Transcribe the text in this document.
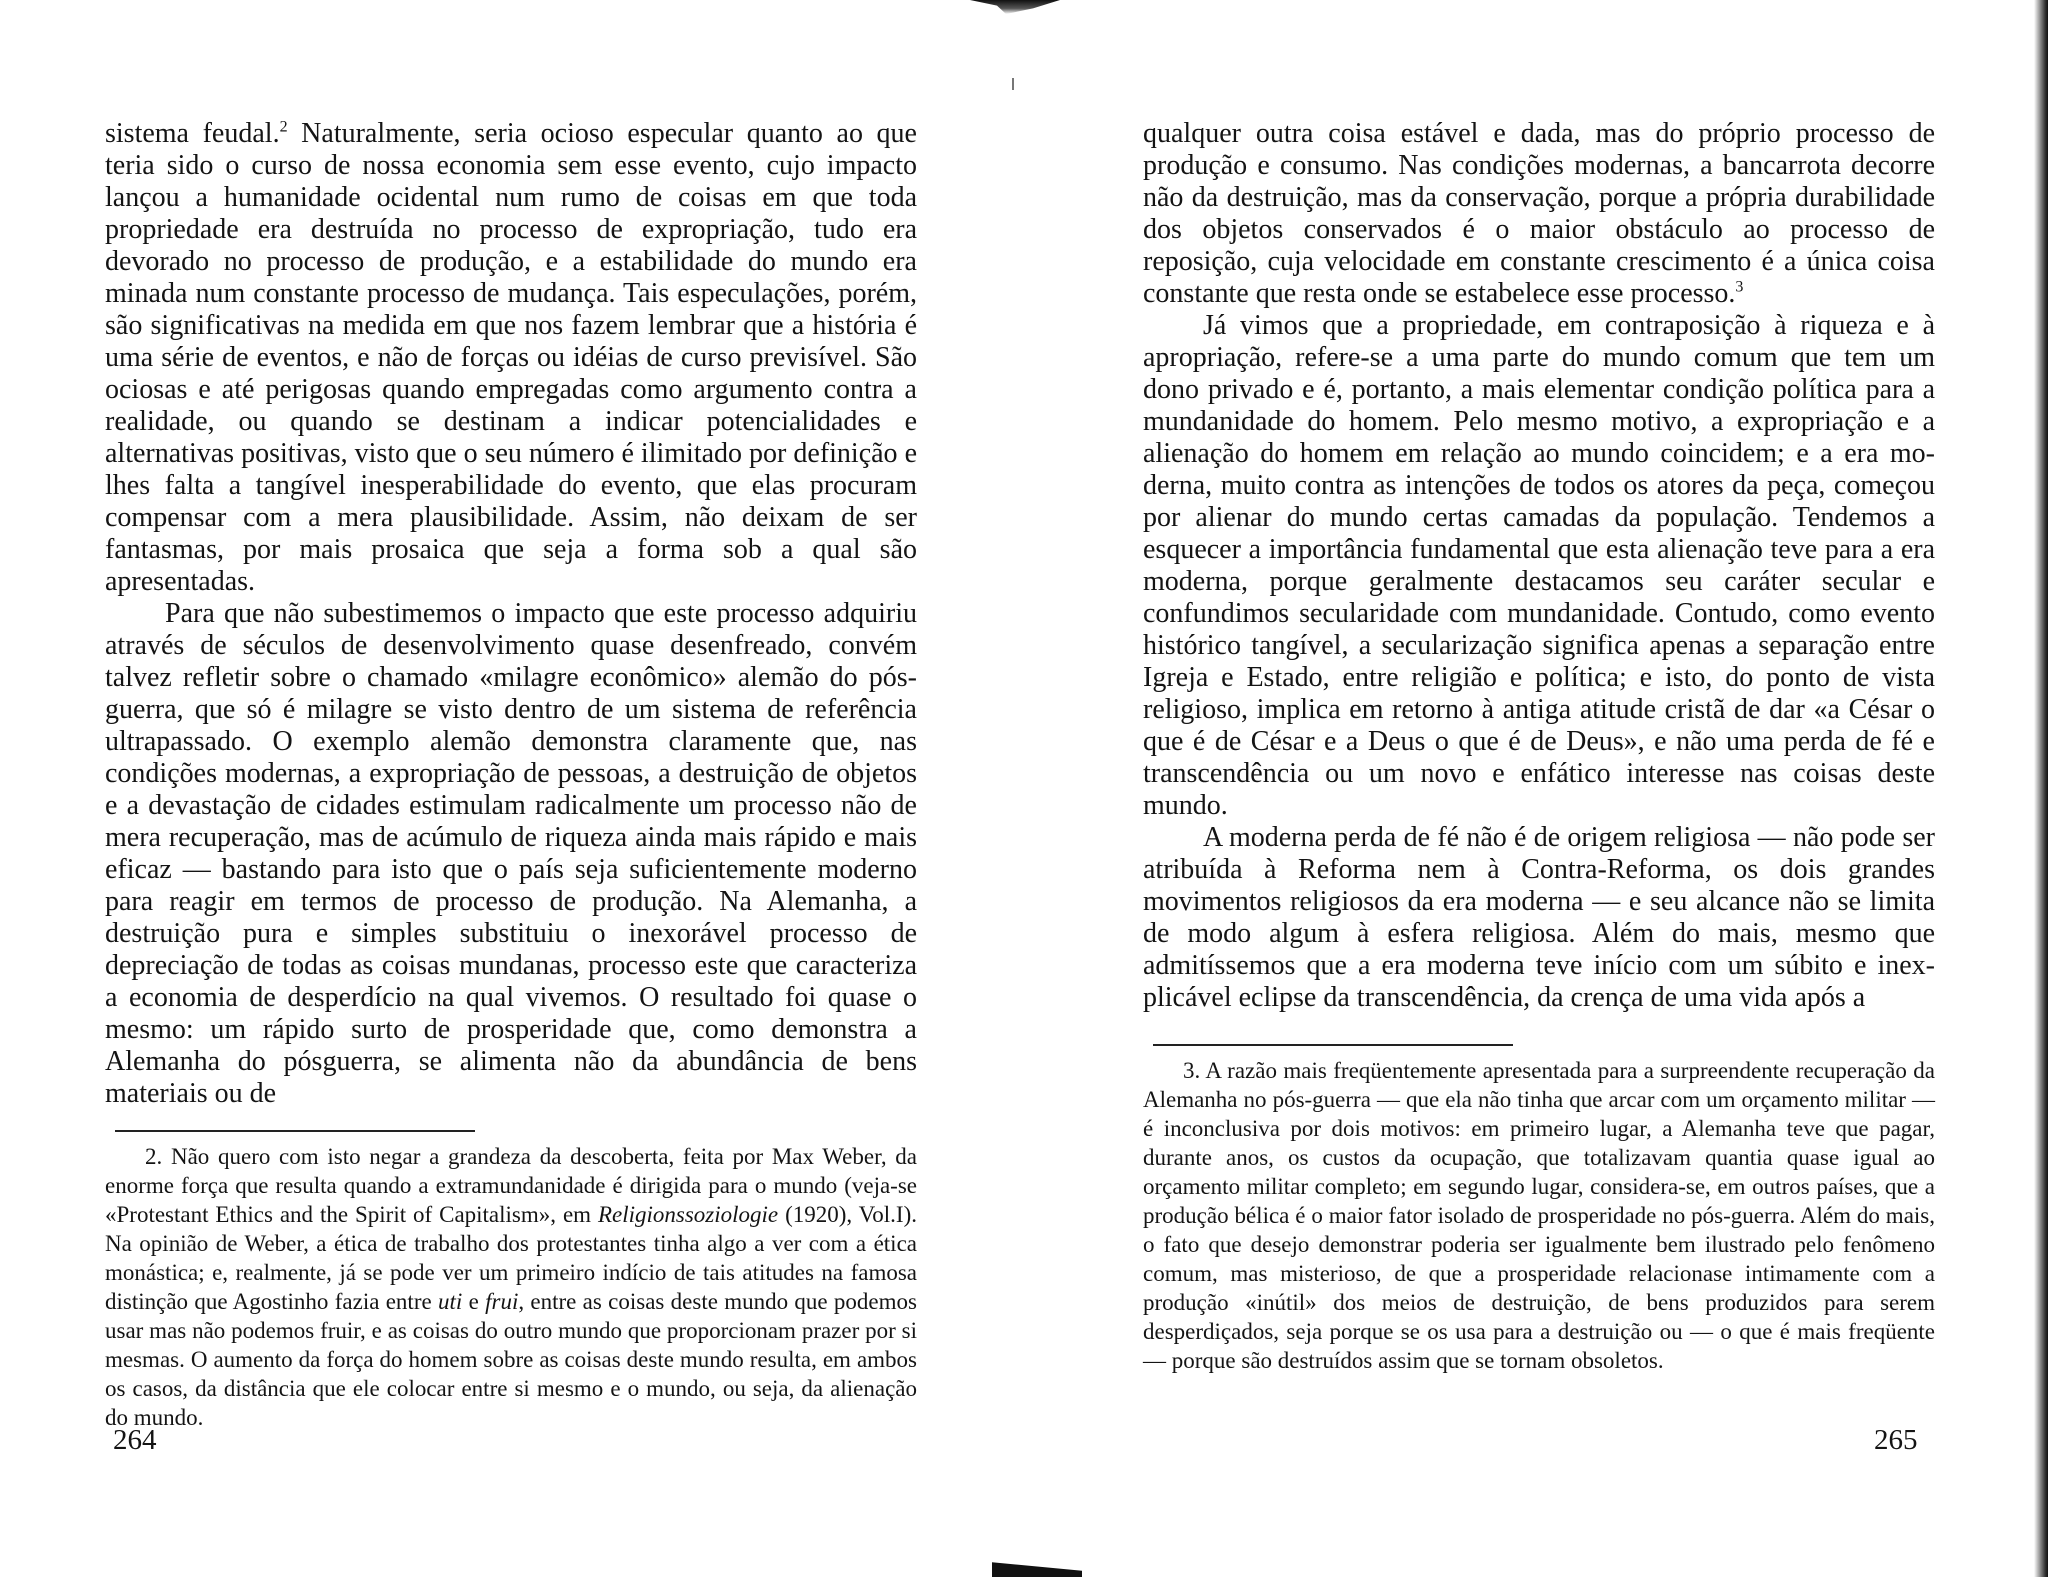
sistema feudal.$^2$ Naturalmente, seria ocioso especular quanto ao que teria sido o curso de nossa economia sem esse evento, cujo impacto lançou a humanidade ocidental num rumo de coisas em que toda propriedade era destruída no processo de expropriação, tudo era devorado no processo de produção, e a estabilidade do mundo era minada num constante processo de mudança. Tais especulações, porém, são significativas na medida em que nos fazem lembrar que a história é uma série de eventos, e não de forças ou idéias de curso previsível. São ociosas e até perigosas quando empregadas como argumento contra a realidade, ou quando se destinam a indicar potencialidades e alternativas positivas, visto que o seu número é ilimitado por definição e lhes falta a tangível inesperabilidade do evento, que elas procuram compensar com a mera plausibilidade. Assim, não deixam de ser fantasmas, por mais prosaica que seja a forma sob a qual são apresentadas.

Para que não subestimemos o impacto que este processo adquiriu através de séculos de desenvolvimento quase desenfreado, convém talvez refletir sobre o chamado «milagre econômico» alemão do pós-guerra, que só é milagre se visto dentro de um sistema de referência ultrapassado. O exemplo alemão demonstra claramente que, nas condições modernas, a expropriação de pessoas, a destruição de objetos e a devastação de cidades estimulam radicalmente um processo não de mera recuperação, mas de acúmulo de riqueza ainda mais rápido e mais eficaz — bastando para isto que o país seja suficientemente moderno para reagir em termos de processo de produção. Na Alemanha, a destruição pura e simples substituiu o inexorável processo de depreciação de todas as coisas mundanas, processo este que caracteriza a economia de desperdício na qual vivemos. O resultado foi quase o mesmo: um rápido surto de prosperidade que, como demonstra a Alemanha do pósguerra, se alimenta não da abundância de bens materiais ou de

2. Não quero com isto negar a grandeza da descoberta, feita por Max Weber, da enorme força que resulta quando a extramundanidade é dirigida para o mundo (veja-se «Protestant Ethics and the Spirit of Capitalism», em Religionssoziologie (1920), Vol.I). Na opinião de Weber, a ética de trabalho dos protestantes tinha algo a ver com a ética monástica; e, realmente, já se pode ver um primeiro indício de tais atitudes na famosa distinção que Agostinho fazia entre uti e frui, entre as coisas deste mundo que podemos usar mas não podemos fruir, e as coisas do outro mundo que proporcionam prazer por si mesmas. O aumento da força do homem sobre as coisas deste mundo resulta, em ambos os casos, da distância que ele colocar entre si mesmo e o mundo, ou seja, da alienação do mundo.

264

qualquer outra coisa estável e dada, mas do próprio processo de produção e consumo. Nas condições modernas, a bancarrota decorre não da destruição, mas da conservação, porque a própria durabilidade dos objetos conservados é o maior obstáculo ao processo de reposição, cuja velocidade em constante crescimento é a única coisa constante que resta onde se estabelece esse processo.$^3$

Já vimos que a propriedade, em contraposição à riqueza e à apropriação, refere-se a uma parte do mundo comum que tem um dono privado e é, portanto, a mais elementar condição política para a mundanidade do homem. Pelo mesmo motivo, a expropriação e a alienação do homem em relação ao mundo coincidem; e a era moderna, muito contra as intenções de todos os atores da peça, começou por alienar do mundo certas camadas da população. Tendemos a esquecer a importância fundamental que esta alienação teve para a era moderna, porque geralmente destacamos seu caráter secular e confundimos secularidade com mundanidade. Contudo, como evento histórico tangível, a secularização significa apenas a separação entre Igreja e Estado, entre religião e política; e isto, do ponto de vista religioso, implica em retorno à antiga atitude cristã de dar «a César o que é de César e a Deus o que é de Deus», e não uma perda de fé e transcendência ou um novo e enfático interesse nas coisas deste mundo.

A moderna perda de fé não é de origem religiosa — não pode ser atribuída à Reforma nem à Contra-Reforma, os dois grandes movimentos religiosos da era moderna — e seu alcance não se limita de modo algum à esfera religiosa. Além do mais, mesmo que admitíssemos que a era moderna teve início com um súbito e inexplicável eclipse da transcendência, da crença de uma vida após a

3. A razão mais freqüentemente apresentada para a surpreendente recuperação da Alemanha no pós-guerra — que ela não tinha que arcar com um orçamento militar — é inconclusiva por dois motivos: em primeiro lugar, a Alemanha teve que pagar, durante anos, os custos da ocupação, que totalizavam quantia quase igual ao orçamento militar completo; em segundo lugar, considera-se, em outros países, que a produção bélica é o maior fator isolado de prosperidade no pós-guerra. Além do mais, o fato que desejo demonstrar poderia ser igualmente bem ilustrado pelo fenômeno comum, mas misterioso, de que a prosperidade relacionase intimamente com a produção «inútil» dos meios de destruição, de bens produzidos para serem desperdiçados, seja porque se os usa para a destruição ou — o que é mais freqüente — porque são destruídos assim que se tornam obsoletos.

265
